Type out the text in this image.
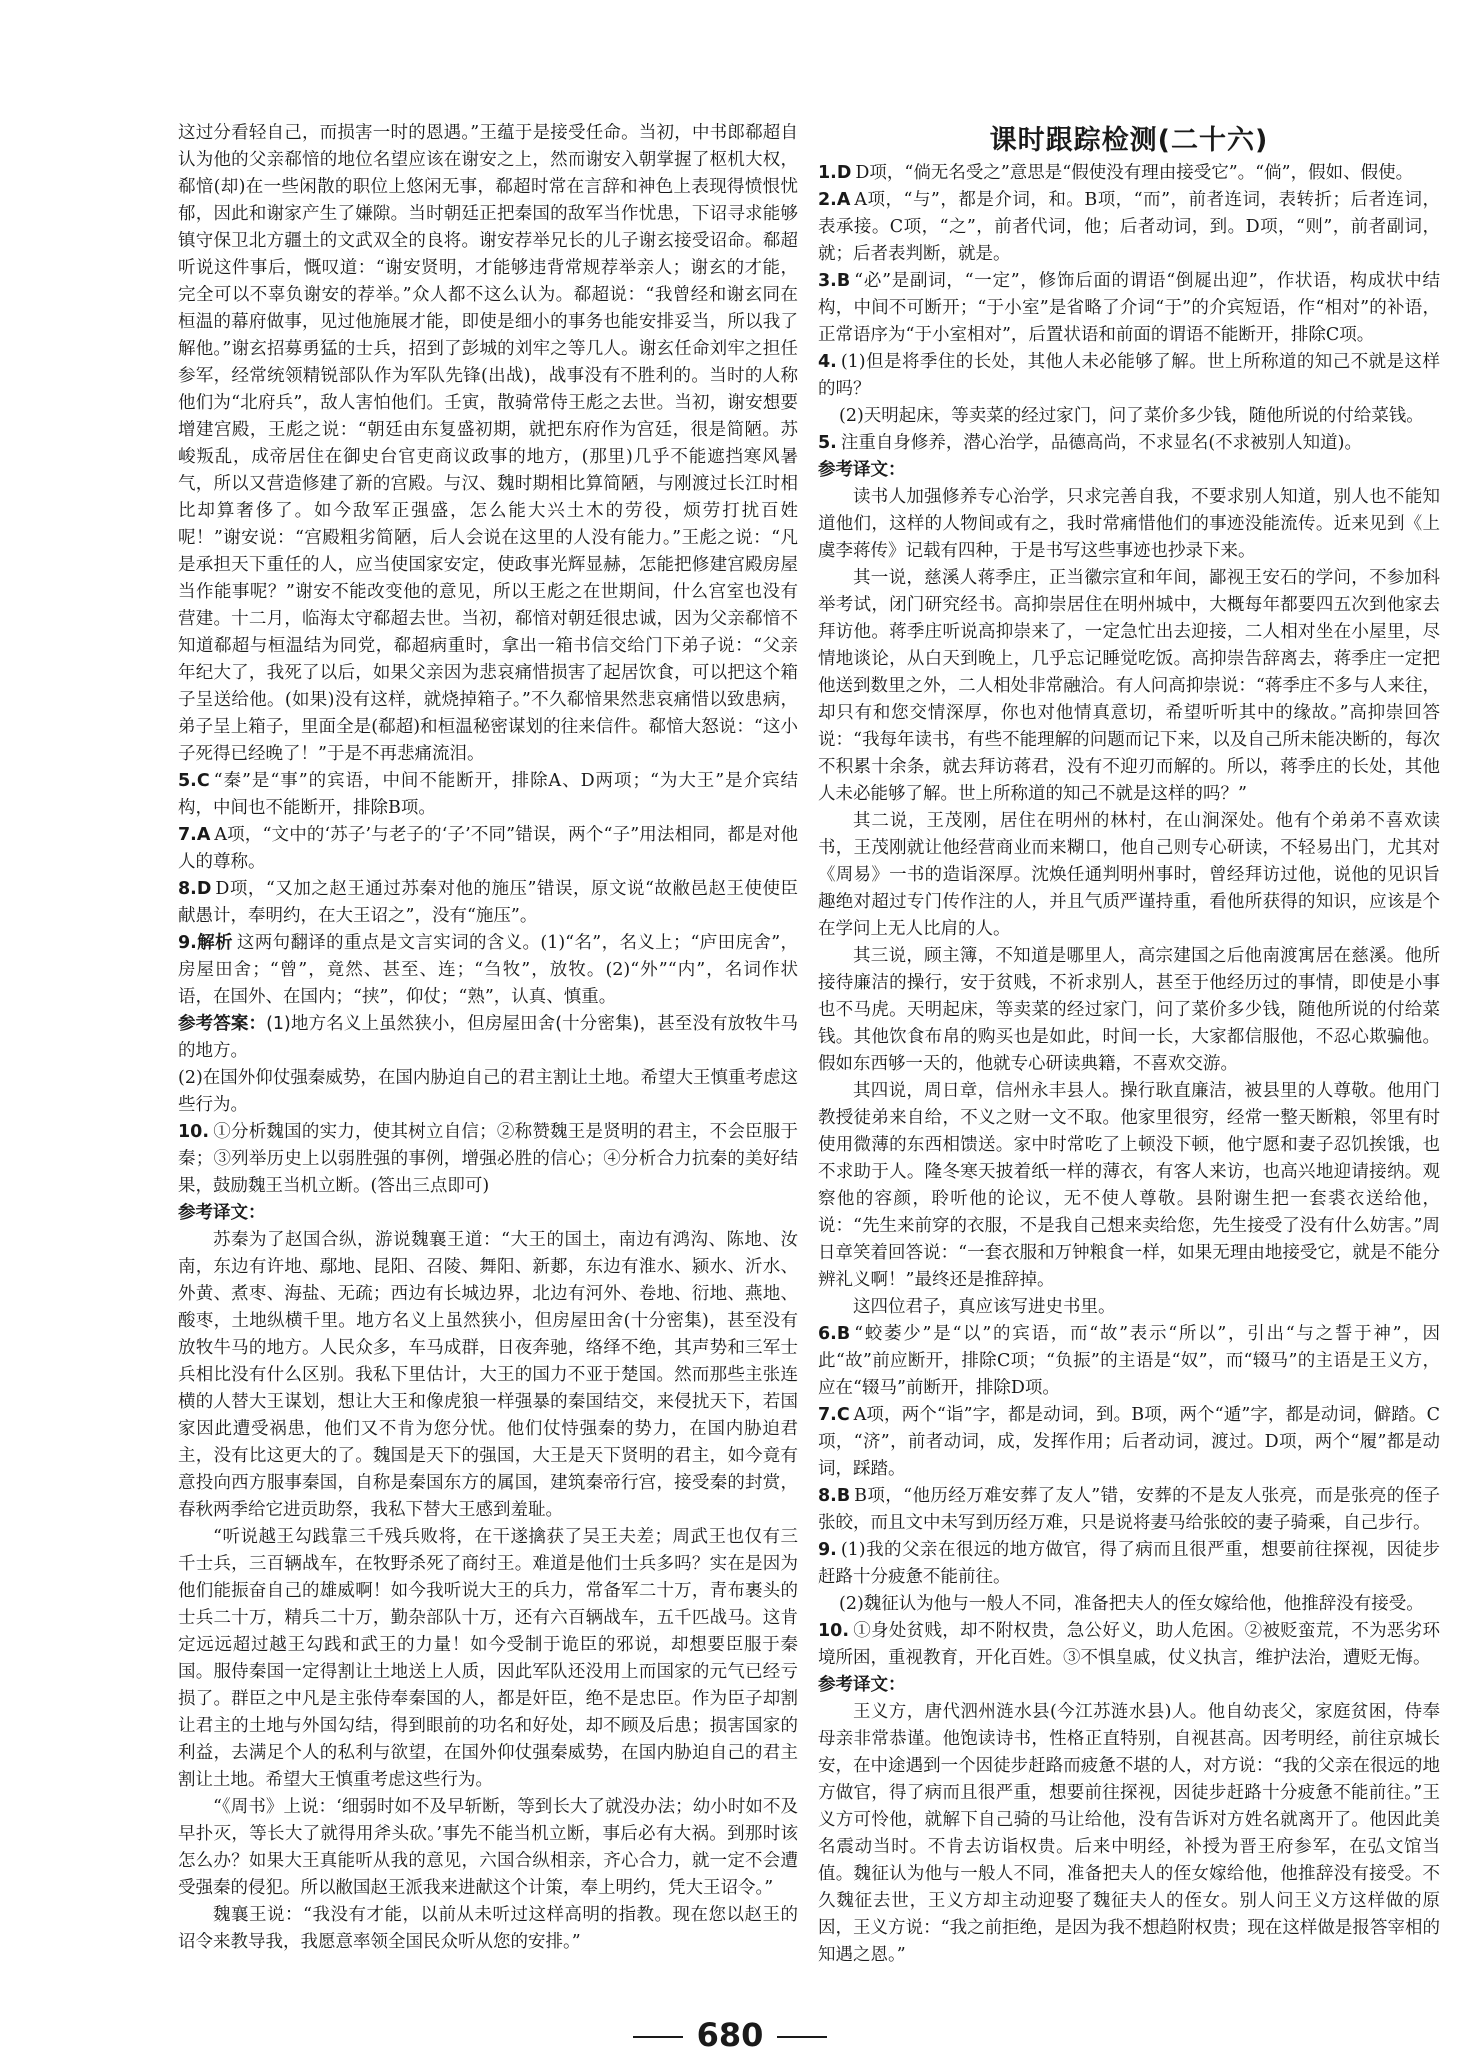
这过分看轻自己，而损害一时的恩遇。”王蕴于是接受任命。当初，中书郎郗超自认为他的父亲郗愔的地位名望应该在谢安之上，然而谢安入朝掌握了枢机大权，郗愔(却)在一些闲散的职位上悠闲无事，郗超时常在言辞和神色上表现得愤恨忧郁，因此和谢家产生了嫌隙。当时朝廷正把秦国的敌军当作忧患，下诏寻求能够镇守保卫北方疆土的文武双全的良将。谢安荐举兄长的儿子谢玄接受诏命。郗超听说这件事后，慨叹道：“谢安贤明，才能够违背常规荐举亲人；谢玄的才能，完全可以不辜负谢安的荐举。”众人都不这么认为。郗超说：“我曾经和谢玄同在桓温的幕府做事，见过他施展才能，即使是细小的事务也能安排妥当，所以我了解他。”谢玄招募勇猛的士兵，招到了彭城的刘牢之等几人。谢玄任命刘牢之担任参军，经常统领精锐部队作为军队先锋(出战)，战事没有不胜利的。当时的人称他们为“北府兵”，敌人害怕他们。壬寅，散骑常侍王彪之去世。当初，谢安想要增建宫殿，王彪之说：“朝廷由东复盛初期，就把东府作为宫廷，很是简陋。苏峻叛乱，成帝居住在御史台官吏商议政事的地方，(那里)几乎不能遮挡寒风暑气，所以又营造修建了新的宫殿。与汉、魏时期相比算简陋，与刚渡过长江时相比却算奢侈了。如今敌军正强盛，怎么能大兴土木的劳役，烦劳打扰百姓呢！”谢安说：“宫殿粗劣简陋，后人会说在这里的人没有能力。”王彪之说：“凡是承担天下重任的人，应当使国家安定，使政事光辉显赫，怎能把修建宫殿房屋当作能事呢？”谢安不能改变他的意见，所以王彪之在世期间，什么宫室也没有营建。十二月，临海太守郗超去世。当初，郗愔对朝廷很忠诚，因为父亲郗愔不知道郗超与桓温结为同党，郗超病重时，拿出一箱书信交给门下弟子说：“父亲年纪大了，我死了以后，如果父亲因为悲哀痛惜损害了起居饮食，可以把这个箱子呈送给他。(如果)没有这样，就烧掉箱子。”不久郗愔果然悲哀痛惜以致患病，弟子呈上箱子，里面全是(郗超)和桓温秘密谋划的往来信件。郗愔大怒说：“这小子死得已经晚了！”于是不再悲痛流泪。

5.C “秦”是“事”的宾语，中间不能断开，排除A、D两项；“为大王”是介宾结构，中间也不能断开，排除B项。

7.A A项，“文中的‘苏子’与老子的‘子’不同”错误，两个“子”用法相同，都是对他人的尊称。

8.D D项，“又加之赵王通过苏秦对他的施压”错误，原文说“故敝邑赵王使使臣献愚计，奉明约，在大王诏之”，没有“施压”。

9.解析 这两句翻译的重点是文言实词的含义。(1)“名”，名义上；“庐田庑舍”，房屋田舍；“曾”，竟然、甚至、连；“刍牧”，放牧。(2)“外”“内”，名词作状语，在国外、在国内；“挟”，仰仗；“熟”，认真、慎重。

参考答案：(1)地方名义上虽然狭小，但房屋田舍(十分密集)，甚至没有放牧牛马的地方。

(2)在国外仰仗强秦威势，在国内胁迫自己的君主割让土地。希望大王慎重考虑这些行为。

10. ①分析魏国的实力，使其树立自信；②称赞魏王是贤明的君主，不会臣服于秦；③列举历史上以弱胜强的事例，增强必胜的信心；④分析合力抗秦的美好结果，鼓励魏王当机立断。(答出三点即可)

参考译文：

苏秦为了赵国合纵，游说魏襄王道：“大王的国土，南边有鸿沟、陈地、汝南，东边有许地、鄢地、昆阳、召陵、舞阳、新郪，东边有淮水、颍水、沂水、外黄、煮枣、海盐、无疏；西边有长城边界，北边有河外、卷地、衍地、燕地、酸枣，土地纵横千里。地方名义上虽然狭小，但房屋田舍(十分密集)，甚至没有放牧牛马的地方。人民众多，车马成群，日夜奔驰，络绎不绝，其声势和三军士兵相比没有什么区别。我私下里估计，大王的国力不亚于楚国。然而那些主张连横的人替大王谋划，想让大王和像虎狼一样强暴的秦国结交，来侵扰天下，若国家因此遭受祸患，他们又不肯为您分忧。他们仗恃强秦的势力，在国内胁迫君主，没有比这更大的了。魏国是天下的强国，大王是天下贤明的君主，如今竟有意投向西方服事秦国，自称是秦国东方的属国，建筑秦帝行宫，接受秦的封赏，春秋两季给它进贡助祭，我私下替大王感到羞耻。

“听说越王勾践靠三千残兵败将，在干遂擒获了吴王夫差；周武王也仅有三千士兵，三百辆战车，在牧野杀死了商纣王。难道是他们士兵多吗？实在是因为他们能振奋自己的雄威啊！如今我听说大王的兵力，常备军二十万，青布裹头的士兵二十万，精兵二十万，勤杂部队十万，还有六百辆战车，五千匹战马。这肯定远远超过越王勾践和武王的力量！如今受制于诡臣的邪说，却想要臣服于秦国。服侍秦国一定得割让土地送上人质，因此军队还没用上而国家的元气已经亏损了。群臣之中凡是主张侍奉秦国的人，都是奸臣，绝不是忠臣。作为臣子却割让君主的土地与外国勾结，得到眼前的功名和好处，却不顾及后患；损害国家的利益，去满足个人的私利与欲望，在国外仰仗强秦威势，在国内胁迫自己的君主割让土地。希望大王慎重考虑这些行为。

“《周书》上说：‘细弱时如不及早斩断，等到长大了就没办法；幼小时如不及早扑灭，等长大了就得用斧头砍。’事先不能当机立断，事后必有大祸。到那时该怎么办？如果大王真能听从我的意见，六国合纵相亲，齐心合力，就一定不会遭受强秦的侵犯。所以敝国赵王派我来进献这个计策，奉上明约，凭大王诏令。”

魏襄王说：“我没有才能，以前从未听过这样高明的指教。现在您以赵王的诏令来教导我，我愿意率领全国民众听从您的安排。”

课时跟踪检测(二十六)

1.D D项，“倘无名受之”意思是“假使没有理由接受它”。“倘”，假如、假使。

2.A A项，“与”，都是介词，和。B项，“而”，前者连词，表转折；后者连词，表承接。C项，“之”，前者代词，他；后者动词，到。D项，“则”，前者副词，就；后者表判断，就是。

3.B “必”是副词，“一定”，修饰后面的谓语“倒屣出迎”，作状语，构成状中结构，中间不可断开；“于小室”是省略了介词“于”的介宾短语，作“相对”的补语，正常语序为“于小室相对”，后置状语和前面的谓语不能断开，排除C项。

4. (1)但是将季住的长处，其他人未必能够了解。世上所称道的知己不就是这样的吗？

(2)天明起床，等卖菜的经过家门，问了菜价多少钱，随他所说的付给菜钱。

5. 注重自身修养，潜心治学，品德高尚，不求显名(不求被别人知道)。

参考译文：

读书人加强修养专心治学，只求完善自我，不要求别人知道，别人也不能知道他们，这样的人物间或有之，我时常痛惜他们的事迹没能流传。近来见到《上虞李蒋传》记载有四种，于是书写这些事迹也抄录下来。

其一说，慈溪人蒋季庄，正当徽宗宣和年间，鄙视王安石的学问，不参加科举考试，闭门研究经书。高抑崇居住在明州城中，大概每年都要四五次到他家去拜访他。蒋季庄听说高抑崇来了，一定急忙出去迎接，二人相对坐在小屋里，尽情地谈论，从白天到晚上，几乎忘记睡觉吃饭。高抑崇告辞离去，蒋季庄一定把他送到数里之外，二人相处非常融洽。有人问高抑崇说：“蒋季庄不多与人来往，却只有和您交情深厚，你也对他情真意切，希望听听其中的缘故。”高抑崇回答说：“我每年读书，有些不能理解的问题而记下来，以及自己所未能决断的，每次不积累十余条，就去拜访蒋君，没有不迎刃而解的。所以，蒋季庄的长处，其他人未必能够了解。世上所称道的知己不就是这样的吗？”

其二说，王茂刚，居住在明州的林村，在山涧深处。他有个弟弟不喜欢读书，王茂刚就让他经营商业而来糊口，他自己则专心研读，不轻易出门，尤其对《周易》一书的造诣深厚。沈焕任通判明州事时，曾经拜访过他，说他的见识旨趣绝对超过专门传作注的人，并且气质严谨持重，看他所获得的知识，应该是个在学问上无人比肩的人。

其三说，顾主簿，不知道是哪里人，高宗建国之后他南渡寓居在慈溪。他所接待廉洁的操行，安于贫贱，不祈求别人，甚至于他经历过的事情，即使是小事也不马虎。天明起床，等卖菜的经过家门，问了菜价多少钱，随他所说的付给菜钱。其他饮食布帛的购买也是如此，时间一长，大家都信服他，不忍心欺骗他。假如东西够一天的，他就专心研读典籍，不喜欢交游。

其四说，周日章，信州永丰县人。操行耿直廉洁，被县里的人尊敬。他用门教授徒弟来自给，不义之财一文不取。他家里很穷，经常一整天断粮，邻里有时使用微薄的东西相馈送。家中时常吃了上顿没下顿，他宁愿和妻子忍饥挨饿，也不求助于人。隆冬寒天披着纸一样的薄衣，有客人来访，也高兴地迎请接纳。观察他的容颜，聆听他的论议，无不使人尊敬。县附谢生把一套裘衣送给他，说：“先生来前穿的衣服，不是我自己想来卖给您，先生接受了没有什么妨害。”周日章笑着回答说：“一套衣服和万钟粮食一样，如果无理由地接受它，就是不能分辨礼义啊！”最终还是推辞掉。

这四位君子，真应该写进史书里。

6.B “蛟萎少”是“以”的宾语，而“故”表示“所以”，引出“与之誓于神”，因此“故”前应断开，排除C项；“负振”的主语是“奴”，而“辍马”的主语是王义方，应在“辍马”前断开，排除D项。

7.C A项，两个“诣”字，都是动词，到。B项，两个“遁”字，都是动词，僻踏。C项，“济”，前者动词，成，发挥作用；后者动词，渡过。D项，两个“履”都是动词，踩踏。

8.B B项，“他历经万难安葬了友人”错，安葬的不是友人张亮，而是张亮的侄子张皎，而且文中未写到历经万难，只是说将妻马给张皎的妻子骑乘，自己步行。

9. (1)我的父亲在很远的地方做官，得了病而且很严重，想要前往探视，因徒步赶路十分疲惫不能前往。

(2)魏征认为他与一般人不同，准备把夫人的侄女嫁给他，他推辞没有接受。

10. ①身处贫贱，却不附权贵，急公好义，助人危困。②被贬蛮荒，不为恶劣环境所困，重视教育，开化百姓。③不惧皇戚，仗义执言，维护法治，遭贬无悔。

参考译文：

王义方，唐代泗州涟水县(今江苏涟水县)人。他自幼丧父，家庭贫困，侍奉母亲非常恭谨。他饱读诗书，性格正直特别，自视甚高。因考明经，前往京城长安，在中途遇到一个因徒步赶路而疲惫不堪的人，对方说：“我的父亲在很远的地方做官，得了病而且很严重，想要前往探视，因徒步赶路十分疲惫不能前往。”王义方可怜他，就解下自己骑的马让给他，没有告诉对方姓名就离开了。他因此美名震动当时。不肯去访诣权贵。后来中明经，补授为晋王府参军，在弘文馆当值。魏征认为他与一般人不同，准备把夫人的侄女嫁给他，他推辞没有接受。不久魏征去世，王义方却主动迎娶了魏征夫人的侄女。别人问王义方这样做的原因，王义方说：“我之前拒绝，是因为我不想趋附权贵；现在这样做是报答宰相的知遇之恩。”

680
